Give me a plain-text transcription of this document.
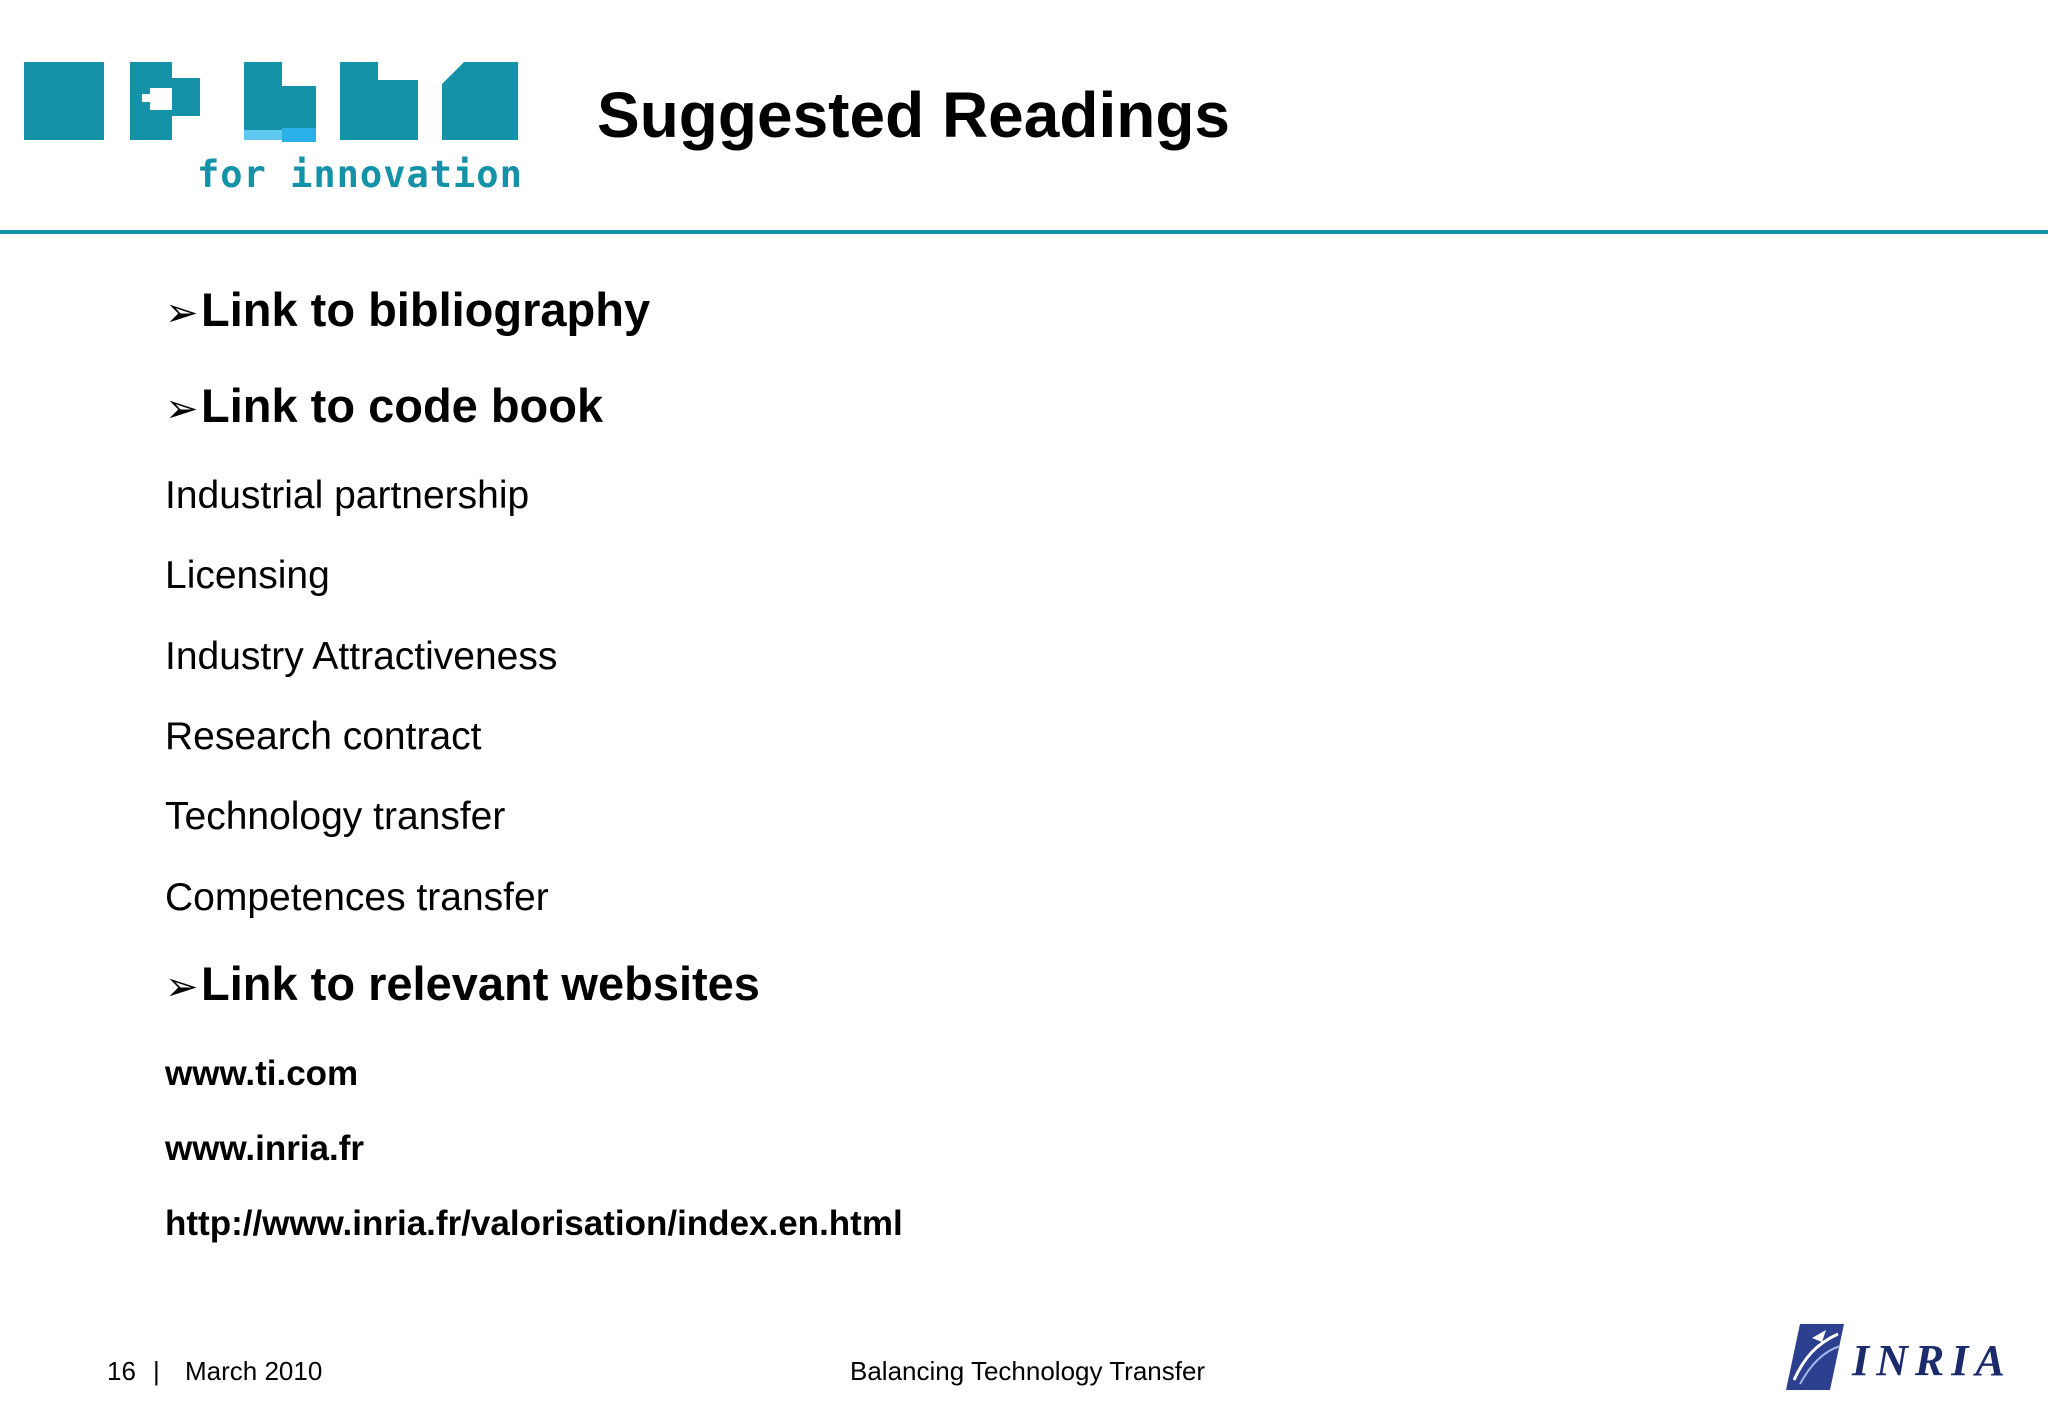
for innovation
Suggested Readings
➢Link to bibliography
➢Link to code book
Industrial partnership
Licensing
Industry Attractiveness
Research contract
Technology transfer
Competences transfer
➢Link to relevant websites
www.ti.com
www.inria.fr
http://www.inria.fr/valorisation/index.en.html
16 | March 2010	Balancing Technology Transfer	INRIA
